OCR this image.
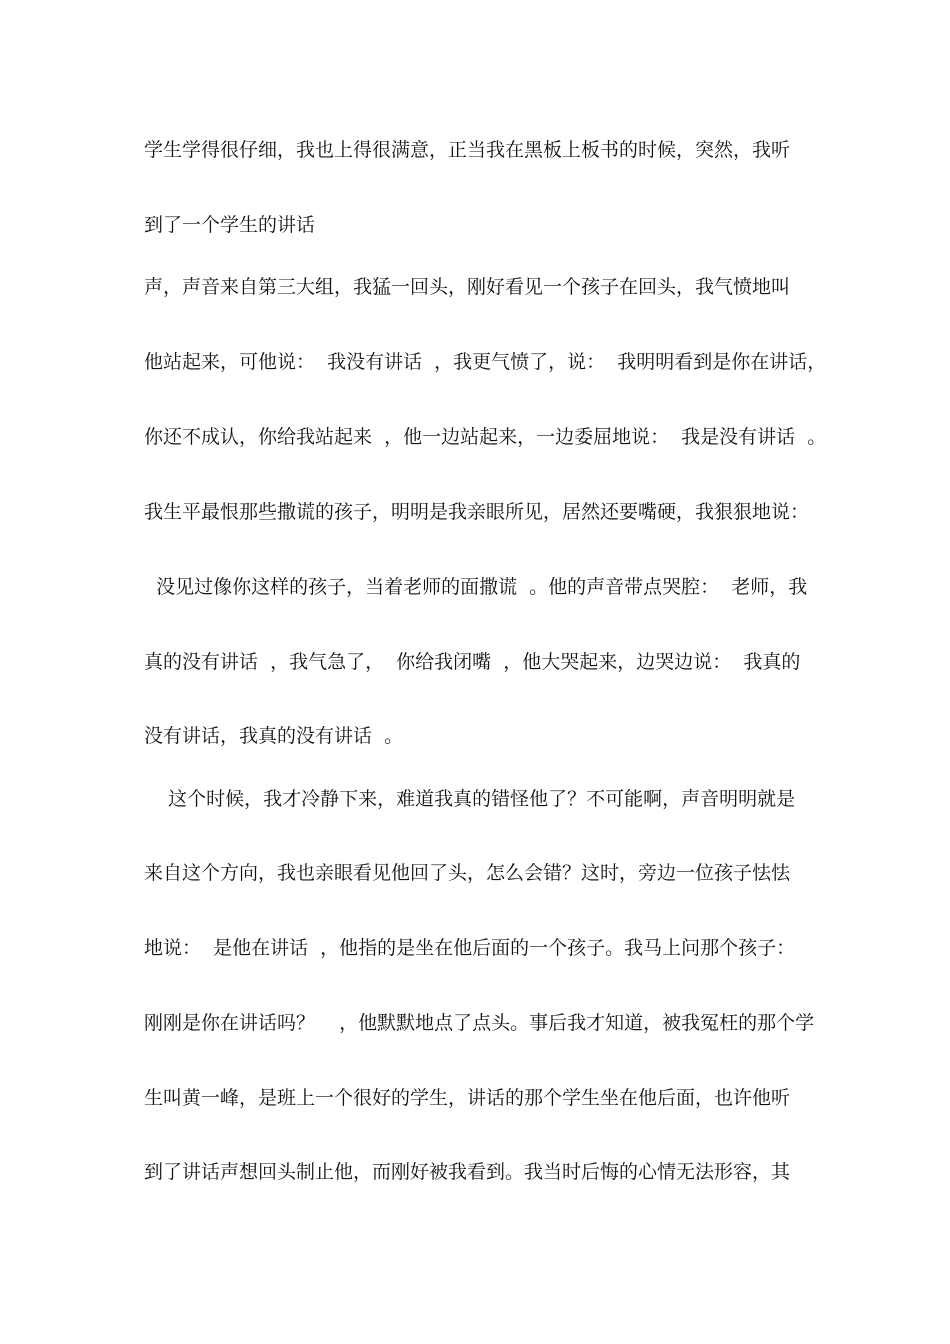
学生学得很仔细，我也上得很满意，正当我在黑板上板书的时候，突然，我听
到了一个学生的讲话
声，声音来自第三大组，我猛一回头，刚好看见一个孩子在回头，我气愤地叫
他站起来，可他说：  我没有讲话  ，我更气愤了，说：  我明明看到是你在讲话，
你还不成认，你给我站起来  ，他一边站起来，一边委屈地说：  我是没有讲话  。
我生平最恨那些撒谎的孩子，明明是我亲眼所见，居然还要嘴硬，我狠狠地说：
没见过像你这样的孩子，当着老师的面撒谎  。他的声音带点哭腔：  老师，我
真的没有讲话  ，我气急了，  你给我闭嘴  ，他大哭起来，边哭边说：  我真的
没有讲话，我真的没有讲话  。
这个时候，我才冷静下来，难道我真的错怪他了？不可能啊，声音明明就是
来自这个方向，我也亲眼看见他回了头，怎么会错？这时，旁边一位孩子怯怯
地说：  是他在讲话  ，他指的是坐在他后面的一个孩子。我马上问那个孩子：
刚刚是你在讲话吗？    ，他默默地点了点头。事后我才知道，被我冤枉的那个学
生叫黄一峰，是班上一个很好的学生，讲话的那个学生坐在他后面，也许他听
到了讲话声想回头制止他，而刚好被我看到。我当时后悔的心情无法形容，其
